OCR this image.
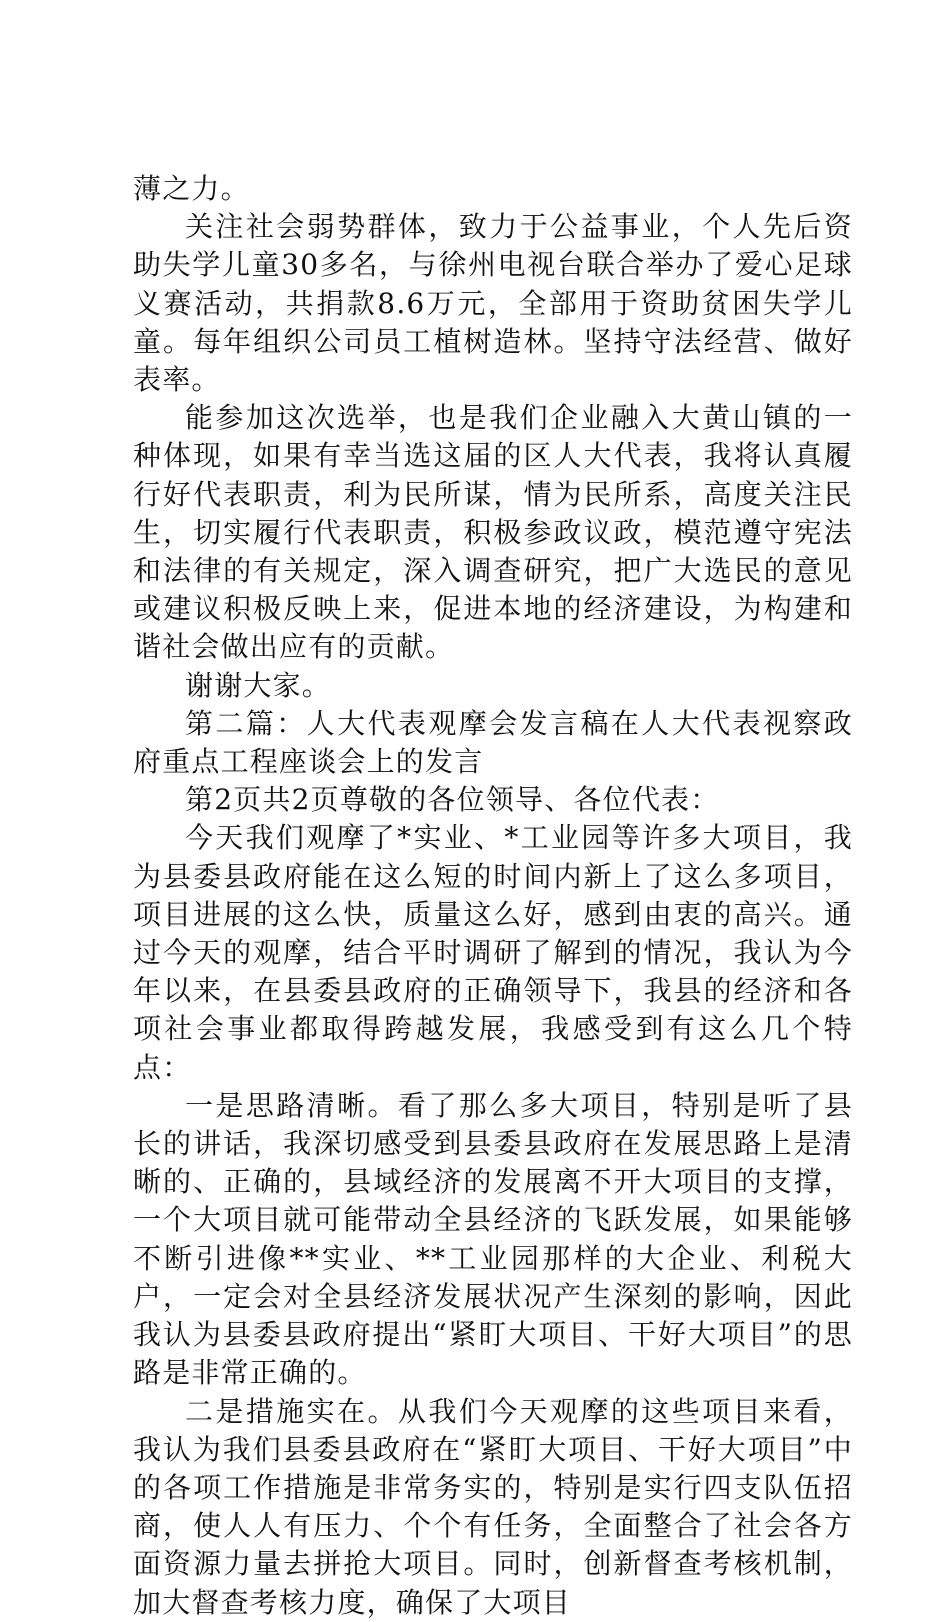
薄之力。

关注社会弱势群体，致力于公益事业，个人先后资助失学儿童30多名，与徐州电视台联合举办了爱心足球义赛活动，共捐款8.6万元，全部用于资助贫困失学儿童。每年组织公司员工植树造林。坚持守法经营、做好表率。

能参加这次选举，也是我们企业融入大黄山镇的一种体现，如果有幸当选这届的区人大代表，我将认真履行好代表职责，利为民所谋，情为民所系，高度关注民生，切实履行代表职责，积极参政议政，模范遵守宪法和法律的有关规定，深入调查研究，把广大选民的意见或建议积极反映上来，促进本地的经济建设，为构建和谐社会做出应有的贡献。

谢谢大家。

第二篇：人大代表观摩会发言稿在人大代表视察政府重点工程座谈会上的发言

第2页共2页尊敬的各位领导、各位代表：

今天我们观摩了*实业、*工业园等许多大项目，我为县委县政府能在这么短的时间内新上了这么多项目，项目进展的这么快，质量这么好，感到由衷的高兴。通过今天的观摩，结合平时调研了解到的情况，我认为今年以来，在县委县政府的正确领导下，我县的经济和各项社会事业都取得跨越发展，我感受到有这么几个特点：

一是思路清晰。看了那么多大项目，特别是听了县长的讲话，我深切感受到县委县政府在发展思路上是清晰的、正确的，县域经济的发展离不开大项目的支撑，一个大项目就可能带动全县经济的飞跃发展，如果能够不断引进像**实业、**工业园那样的大企业、利税大户，一定会对全县经济发展状况产生深刻的影响，因此我认为县委县政府提出“紧盯大项目、干好大项目”的思路是非常正确的。

二是措施实在。从我们今天观摩的这些项目来看，我认为我们县委县政府在“紧盯大项目、干好大项目”中的各项工作措施是非常务实的，特别是实行四支队伍招商，使人人有压力、个个有任务，全面整合了社会各方面资源力量去拼抢大项目。同时，创新督查考核机制，加大督查考核力度，确保了大项目
